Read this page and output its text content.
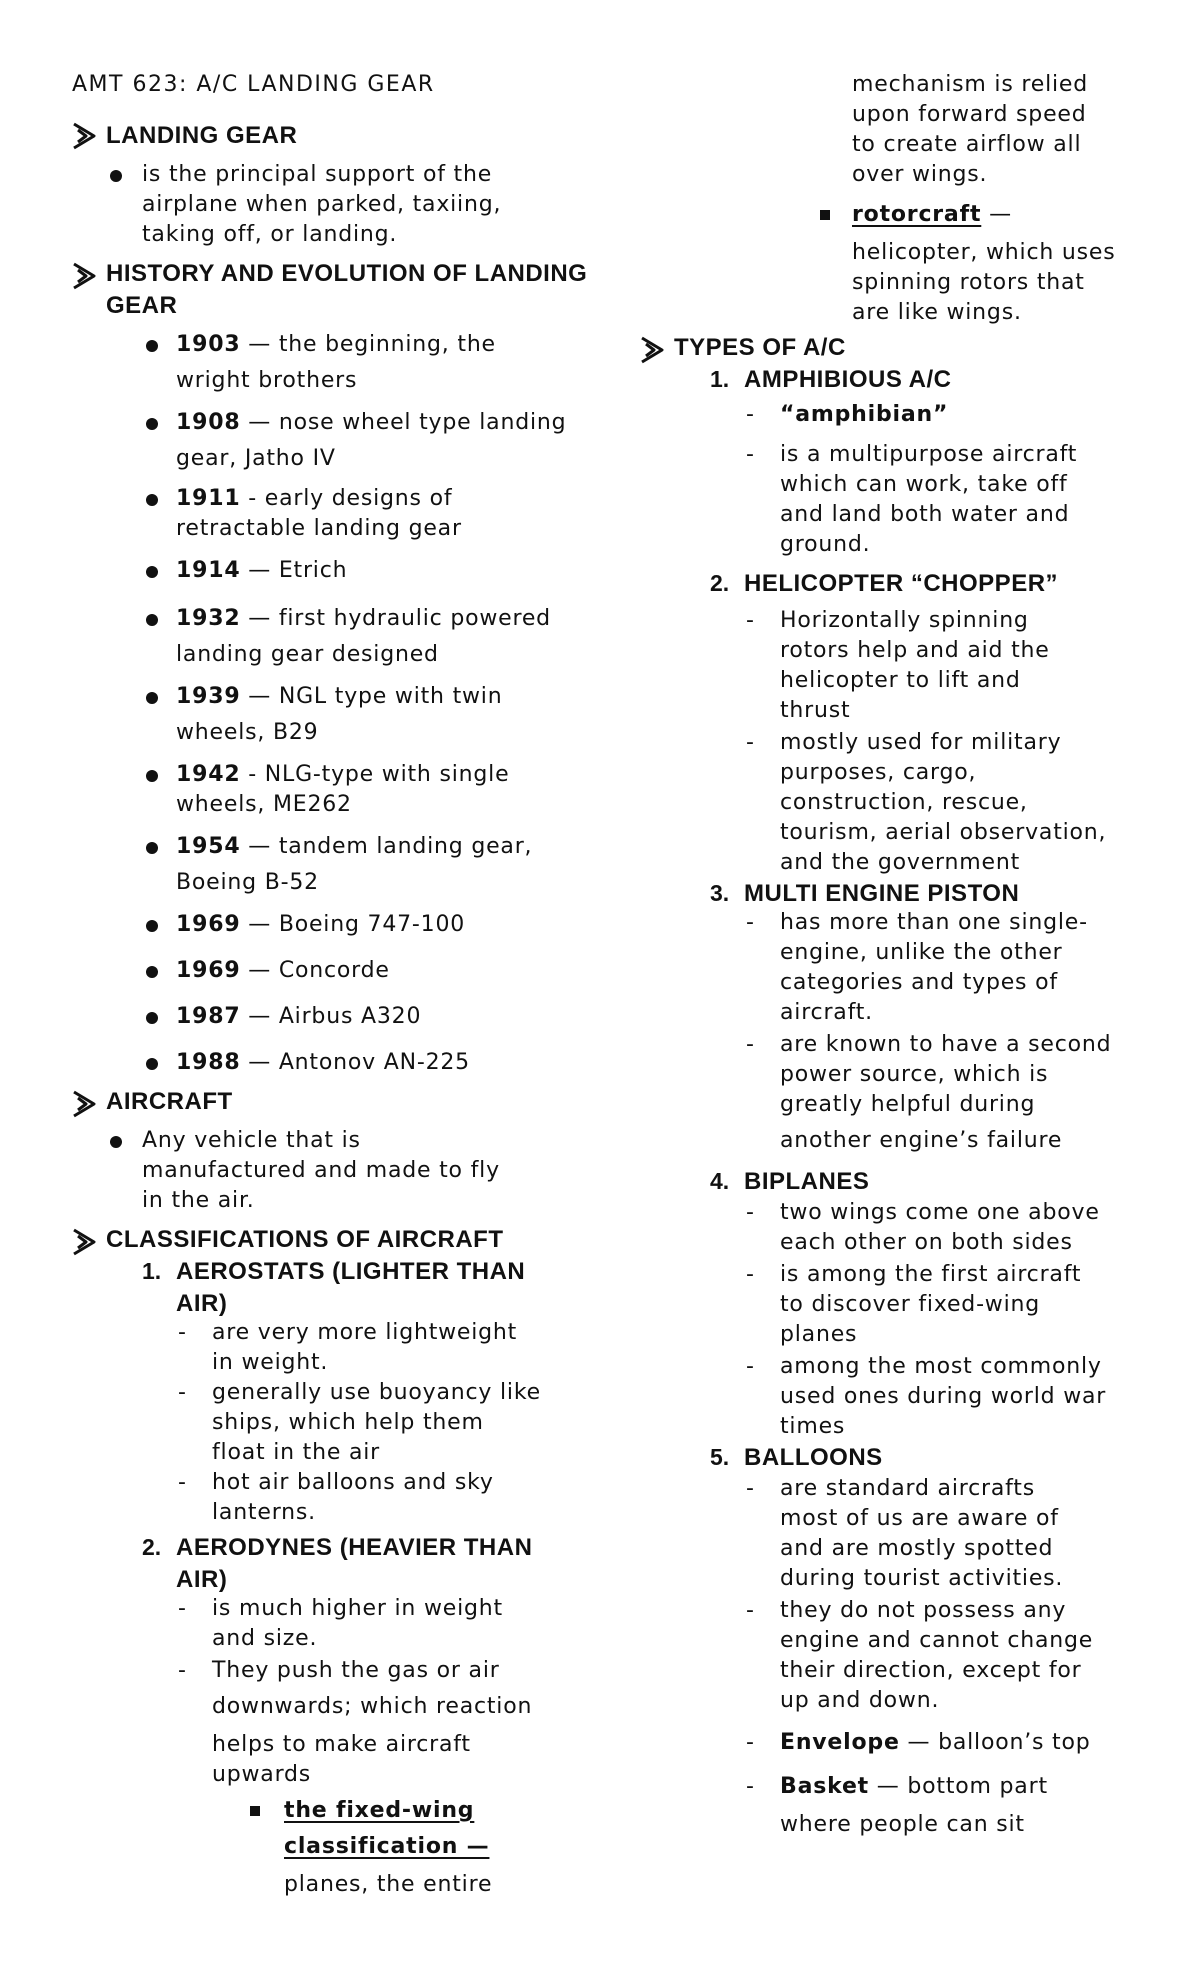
AMT 623: A/C LANDING GEAR
LANDING GEAR
is the principal support of the
airplane when parked, taxiing,
taking off, or landing.
HISTORY AND EVOLUTION OF LANDING
GEAR
1903 — the beginning, the
wright brothers
1908 — nose wheel type landing
gear, Jatho IV
1911 - early designs of
retractable landing gear
1914 — Etrich
1932 — first hydraulic powered
landing gear designed
1939 — NGL type with twin
wheels, B29
1942 - NLG-type with single
wheels, ME262
1954 — tandem landing gear,
Boeing B-52
1969 — Boeing 747-100
1969 — Concorde
1987 — Airbus A320
1988 — Antonov AN-225
AIRCRAFT
Any vehicle that is
manufactured and made to fly
in the air.
CLASSIFICATIONS OF AIRCRAFT
1. AEROSTATS (LIGHTER THAN
AIR)
- are very more lightweight
in weight.
- generally use buoyancy like
ships, which help them
float in the air
- hot air balloons and sky
lanterns.
2. AERODYNES (HEAVIER THAN
AIR)
- is much higher in weight
and size.
- They push the gas or air
downwards; which reaction
helps to make aircraft
upwards
the fixed-wing
classification —
planes, the entire
mechanism is relied
upon forward speed
to create airflow all
over wings.
rotorcraft —
helicopter, which uses
spinning rotors that
are like wings.
TYPES OF A/C
1. AMPHIBIOUS A/C
- “amphibian”
- is a multipurpose aircraft
which can work, take off
and land both water and
ground.
2. HELICOPTER “CHOPPER”
- Horizontally spinning
rotors help and aid the
helicopter to lift and
thrust
- mostly used for military
purposes, cargo,
construction, rescue,
tourism, aerial observation,
and the government
3. MULTI ENGINE PISTON
- has more than one single-
engine, unlike the other
categories and types of
aircraft.
- are known to have a second
power source, which is
greatly helpful during
another engine’s failure
4. BIPLANES
- two wings come one above
each other on both sides
- is among the first aircraft
to discover fixed-wing
planes
- among the most commonly
used ones during world war
times
5. BALLOONS
- are standard aircrafts
most of us are aware of
and are mostly spotted
during tourist activities.
- they do not possess any
engine and cannot change
their direction, except for
up and down.
- Envelope — balloon’s top
- Basket — bottom part
where people can sit
